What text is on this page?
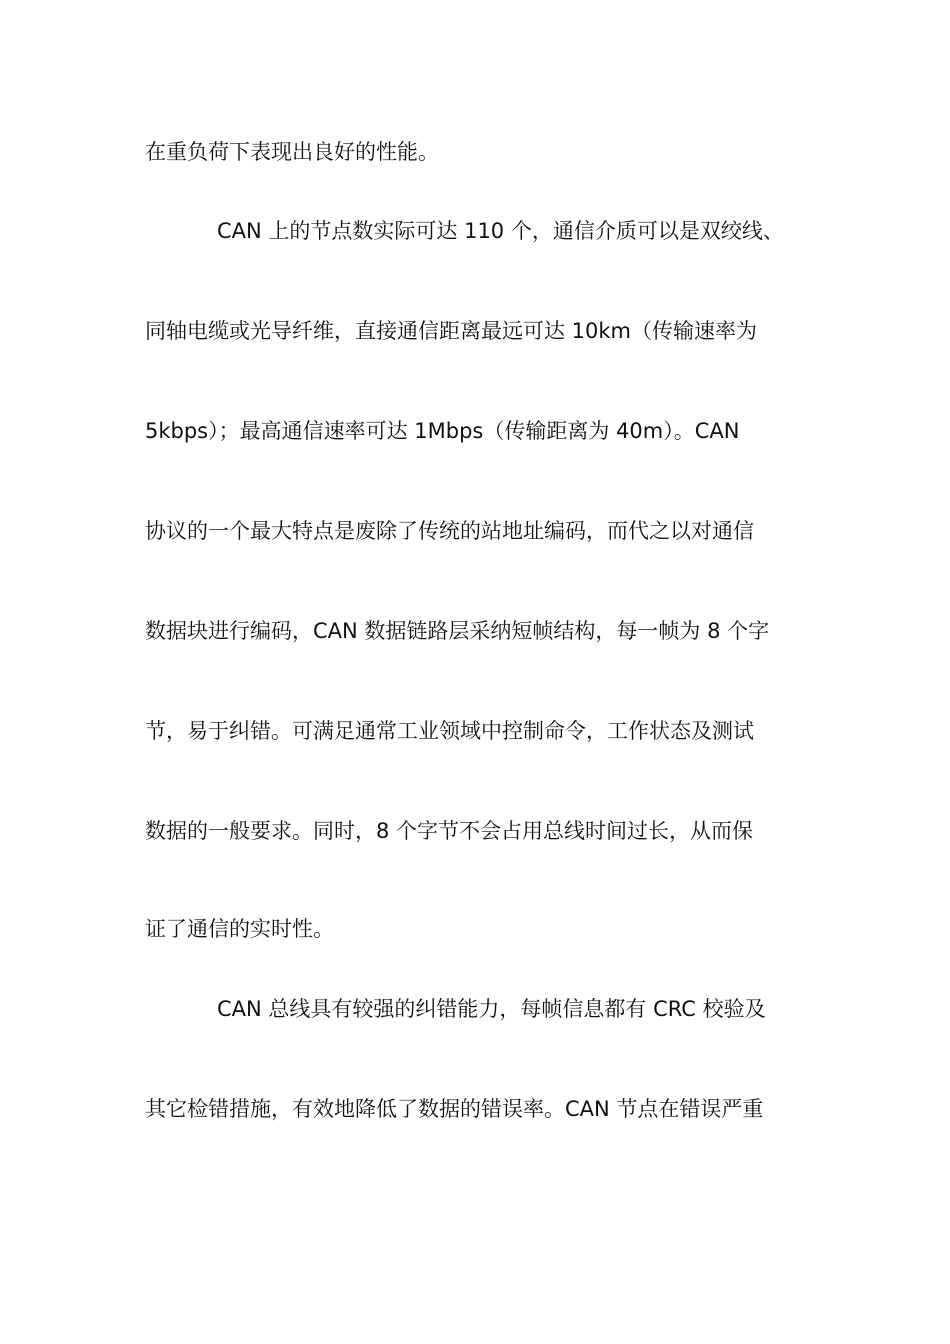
在重负荷下表现出良好的性能。
CAN 上的节点数实际可达 110 个，通信介质可以是双绞线、
同轴电缆或光导纤维，直接通信距离最远可达 10km（传输速率为
5kbps）；最高通信速率可达 1Mbps（传输距离为 40m）。CAN
协议的一个最大特点是废除了传统的站地址编码，而代之以对通信
数据块进行编码，CAN 数据链路层采纳短帧结构，每一帧为 8 个字
节，易于纠错。可满足通常工业领域中控制命令，工作状态及测试
数据的一般要求。同时，8 个字节不会占用总线时间过长，从而保
证了通信的实时性。
CAN 总线具有较强的纠错能力，每帧信息都有 CRC 校验及
其它检错措施，有效地降低了数据的错误率。CAN 节点在错误严重
